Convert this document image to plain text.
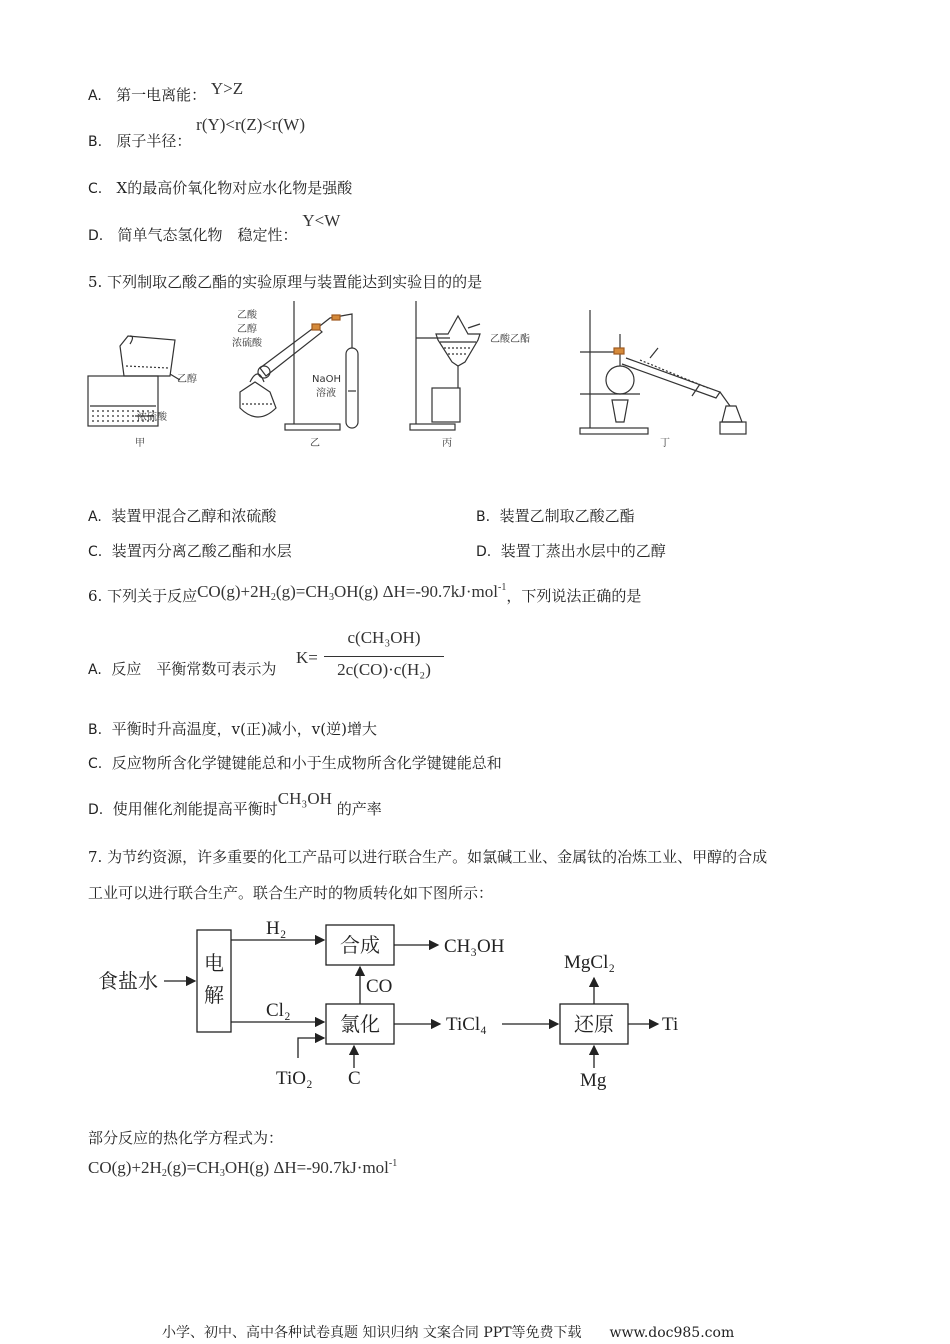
A. 第一电离能： Y>Z
B. 原子半径： r(Y)<r(Z)<r(W)
C. X的最高价氧化物对应水化物是强酸
D. 简单气态氢化物　稳定性： Y<W
5. 下列制取乙酸乙酯的实验原理与装置能达到实验目的的是
乙醇
浓硫酸
乙酸
乙醇
浓硫酸
NaOH
溶液
乙酸乙酯
甲	乙	丙	丁
A. 装置甲混合乙醇和浓硫酸	B. 装置乙制取乙酸乙酯
C. 装置丙分离乙酸乙酯和水层	D. 装置丁蒸出水层中的乙醇
6. 下列关于反应$CO(g)+2H_2(g)=CH_3OH(g)$ ΔH=-90.7kJ·mol$^{-1}$，下列说法正确的是
A. 反应　平衡常数可表示为
K=
c(CH₃OH)
2c(CO)·c(H₂)
B. 平衡时升高温度，v(正)减小，v(逆)增大
C. 反应物所含化学键键能总和小于生成物所含化学键键能总和
D. 使用催化剂能提高平衡时CH₃OH 的产率
7. 为节约资源，许多重要的化工产品可以进行联合生产。如氯碱工业、金属钛的冶炼工业、甲醇的合成
工业可以进行联合生产。联合生产时的物质转化如下图所示：
食盐水
电
解
合成
氯化	还原
H₂
Cl₂
CH₃OH
CO
TiCl₄	Ti
MgCl₂
Mg
TiO₂ C
部分反应的热化学方程式为：
$CO(g)+2H_2(g)=CH_3OH(g)$ ΔH=-90.7kJ·mol$^{-1}$
小学、初中、高中各种试卷真题 知识归纳 文案合同 PPT等免费下载　　www.doc985.com
